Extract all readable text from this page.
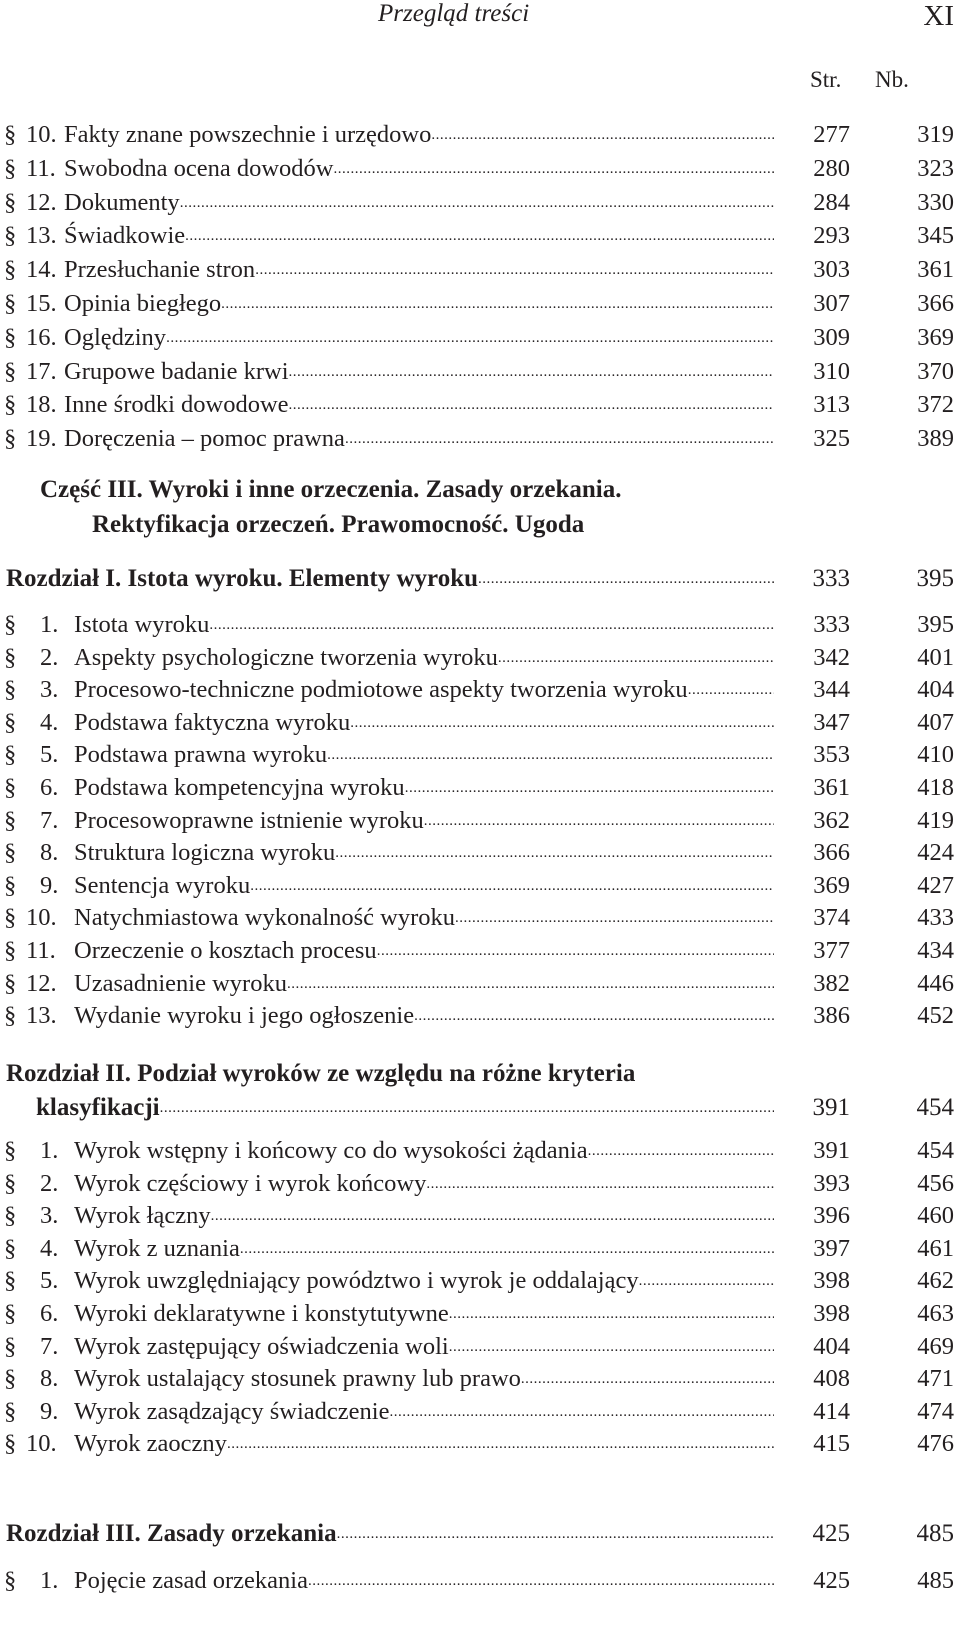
Przegląd treści	XI
Str. Nb.
§ 10. Fakty znane powszechnie i urzędowo .....	277	319
§ 11. Swobodna ocena dowodów .....	280	323
§ 12. Dokumenty .....	284	330
§ 13. Świadkowie .....	293	345
§ 14. Przesłuchanie stron .....	303	361
§ 15. Opinia biegłego .....	307	366
§ 16. Oględziny .....	309	369
§ 17. Grupowe badanie krwi .....	310	370
§ 18. Inne środki dowodowe .....	313	372
§ 19. Doręczenia – pomoc prawna .....	325	389
Część III. Wyroki i inne orzeczenia. Zasady orzekania.
Rektyfikacja orzeczeń. Prawomocność. Ugoda
Rozdział I. Istota wyroku. Elementy wyroku .....	333	395
§ 1. Istota wyroku .....	333	395
§ 2. Aspekty psychologiczne tworzenia wyroku .....	342	401
§ 3. Procesowo-techniczne podmiotowe aspekty tworzenia wyroku .....	344	404
§ 4. Podstawa faktyczna wyroku .....	347	407
§ 5. Podstawa prawna wyroku .....	353	410
§ 6. Podstawa kompetencyjna wyroku .....	361	418
§ 7. Procesowoprawne istnienie wyroku .....	362	419
§ 8. Struktura logiczna wyroku .....	366	424
§ 9. Sentencja wyroku .....	369	427
§ 10. Natychmiastowa wykonalność wyroku .....	374	433
§ 11. Orzeczenie o kosztach procesu .....	377	434
§ 12. Uzasadnienie wyroku .....	382	446
§ 13. Wydanie wyroku i jego ogłoszenie .....	386	452
Rozdział II. Podział wyroków ze względu na różne kryteria
klasyfikacji .....	391	454
§ 1. Wyrok wstępny i końcowy co do wysokości żądania .....	391	454
§ 2. Wyrok częściowy i wyrok końcowy .....	393	456
§ 3. Wyrok łączny .....	396	460
§ 4. Wyrok z uznania .....	397	461
§ 5. Wyrok uwzględniający powództwo i wyrok je oddalający .....	398	462
§ 6. Wyroki deklaratywne i konstytutywne .....	398	463
§ 7. Wyrok zastępujący oświadczenia woli .....	404	469
§ 8. Wyrok ustalający stosunek prawny lub prawo .....	408	471
§ 9. Wyrok zasądzający świadczenie .....	414	474
§ 10. Wyrok zaoczny .....	415	476
Rozdział III. Zasady orzekania .....	425	485
§ 1. Pojęcie zasad orzekania .....	425	485
